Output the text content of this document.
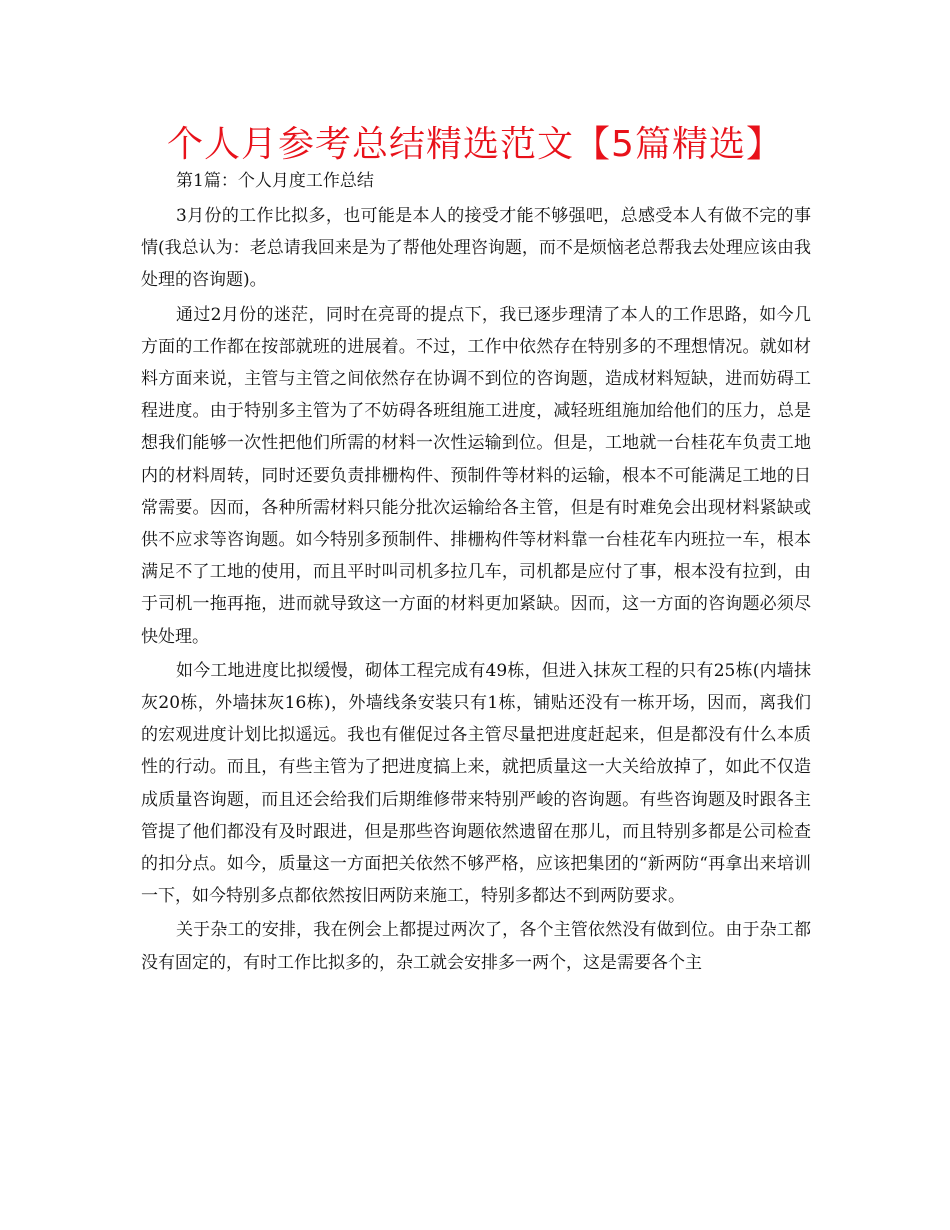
个人月参考总结精选范文【5篇精选】
第1篇：个人月度工作总结

3月份的工作比拟多，也可能是本人的接受才能不够强吧，总感受本人有做不完的事情(我总认为：老总请我回来是为了帮他处理咨询题，而不是烦恼老总帮我去处理应该由我处理的咨询题)。

通过2月份的迷茫，同时在亮哥的提点下，我已逐步理清了本人的工作思路，如今几方面的工作都在按部就班的进展着。不过，工作中依然存在特别多的不理想情况。就如材料方面来说，主管与主管之间依然存在协调不到位的咨询题，造成材料短缺，进而妨碍工程进度。由于特别多主管为了不妨碍各班组施工进度，减轻班组施加给他们的压力，总是想我们能够一次性把他们所需的材料一次性运输到位。但是，工地就一台桂花车负责工地内的材料周转，同时还要负责排栅构件、预制件等材料的运输，根本不可能满足工地的日常需要。因而，各种所需材料只能分批次运输给各主管，但是有时难免会出现材料紧缺或供不应求等咨询题。如今特别多预制件、排栅构件等材料靠一台桂花车内班拉一车，根本满足不了工地的使用，而且平时叫司机多拉几车，司机都是应付了事，根本没有拉到，由于司机一拖再拖，进而就导致这一方面的材料更加紧缺。因而，这一方面的咨询题必须尽快处理。

如今工地进度比拟缓慢，砌体工程完成有49栋，但进入抹灰工程的只有25栋(内墙抹灰20栋，外墙抹灰16栋)，外墙线条安装只有1栋，铺贴还没有一栋开场，因而，离我们的宏观进度计划比拟遥远。我也有催促过各主管尽量把进度赶起来，但是都没有什么本质性的行动。而且，有些主管为了把进度搞上来，就把质量这一大关给放掉了，如此不仅造成质量咨询题，而且还会给我们后期维修带来特别严峻的咨询题。有些咨询题及时跟各主管提了他们都没有及时跟进，但是那些咨询题依然遗留在那儿，而且特别多都是公司检查的扣分点。如今，质量这一方面把关依然不够严格，应该把集团的“新两防“再拿出来培训一下，如今特别多点都依然按旧两防来施工，特别多都达不到两防要求。

关于杂工的安排，我在例会上都提过两次了，各个主管依然没有做到位。由于杂工都没有固定的，有时工作比拟多的，杂工就会安排多一两个，这是需要各个主
